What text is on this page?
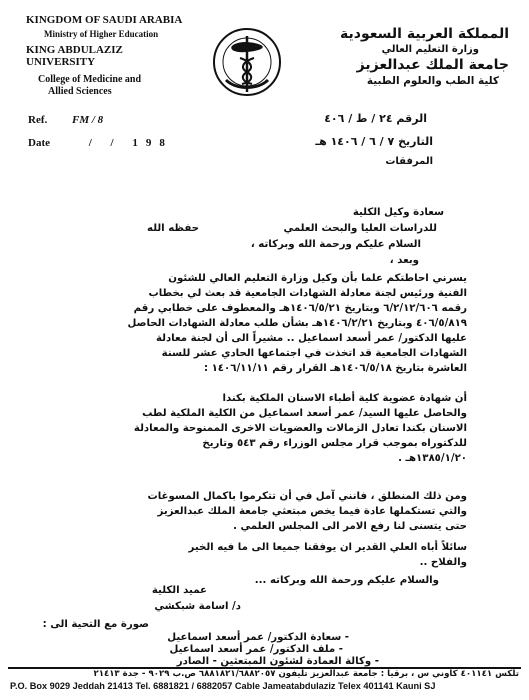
KINGDOM OF SAUDI ARABIA
Ministry of Higher Education
KING ABDULAZIZ UNIVERSITY
College of Medicine and
Allied Sciences
Ref. FM / 8
Date	/ / 198
المملكة العربية السعودية
وزارة التعليم العالي
جامعة الملك عبدالعزيز
كلية الطب والعلوم الطبية
الرقم ٢٤ / ط / ٤٠٦
التاريخ ٧ / ٦ / ١٤٠٦ هـ
المرفقات
سعادة وكيل الكلية
للدراسات العليا والبحث العلمي
حفظه الله
السلام عليكم ورحمة الله وبركاته ،
وبعد ،
يسرني احاطتكم علما بأن وكيل وزارة التعليم العالي للشئون
الفنية ورئيس لجنة معادلة الشهادات الجامعية قد بعث لي بخطاب
رقمه ٦/٢/١٢/٦٠٦ وبتاريخ ١٤٠٦/٥/٢١هـ والمعطوف على خطابي رقم
٤٠٦/٥/٨١٩ وبتاريخ ١٤٠٦/٢/٢١هـ بشأن طلب معادلة الشهادات الحاصل
عليها الدكتور/ عمر أسعد اسماعيل .. مشيراً الى أن لجنة معادلة
الشهادات الجامعية قد اتخذت في اجتماعها الحادي عشر للسنة
العاشرة بتاريخ ١٤٠٦/٥/١٨هـ القرار رقم ١٤٠٦/١١/١١ :
أن شهادة عضوية كلية أطباء الاسنان الملكية بكندا
والحاصل عليها السيد/ عمر أسعد اسماعيل من الكلية الملكية لطب
الاسنان بكندا تعادل الزمالات والعضويات الاخرى الممنوحة والمعادلة
للدكتوراه بموجب قرار مجلس الوزراء رقم ٥٤٣ وتاريخ
١٣٨٥/١/٢٠هـ .
ومن ذلك المنطلق ، فانني آمل في أن تتكرموا باكمال المسوغات
والتي تستكملها عادة فيما يخص مبتعثي جامعة الملك عبدالعزيز
حتى يتسنى لنا رفع الامر الى المجلس العلمي .
سائلاً أباه العلي القدير ان يوفقنا جميعا الى ما فيه الخير
والفلاح ..
والسلام عليكم ورحمة الله وبركاته ...
عميد الكلية
د/ اسامة شبكشي
صورة مع التحية الى :
- سعادة الدكتور/ عمر أسعد اسماعيل
- ملف الدكتور/ عمر أسعد اسماعيل
- وكالة العمادة لشئون المبتعثين - الصادر
تلكس ٤٠١١٤١ كاوني س ، برقيا : جامعة عبدالعزيز تليفون ٦٨٨١٨٢١/٦٨٨٢٠٥٧ ص.ب ٩٠٢٩ - جدة ٢١٤١٣
P.O. Box 9029 Jeddah 21413 Tel. 6881821 / 6882057 Cable Jameatabdulaziz Telex 401141 Kauni SJ
